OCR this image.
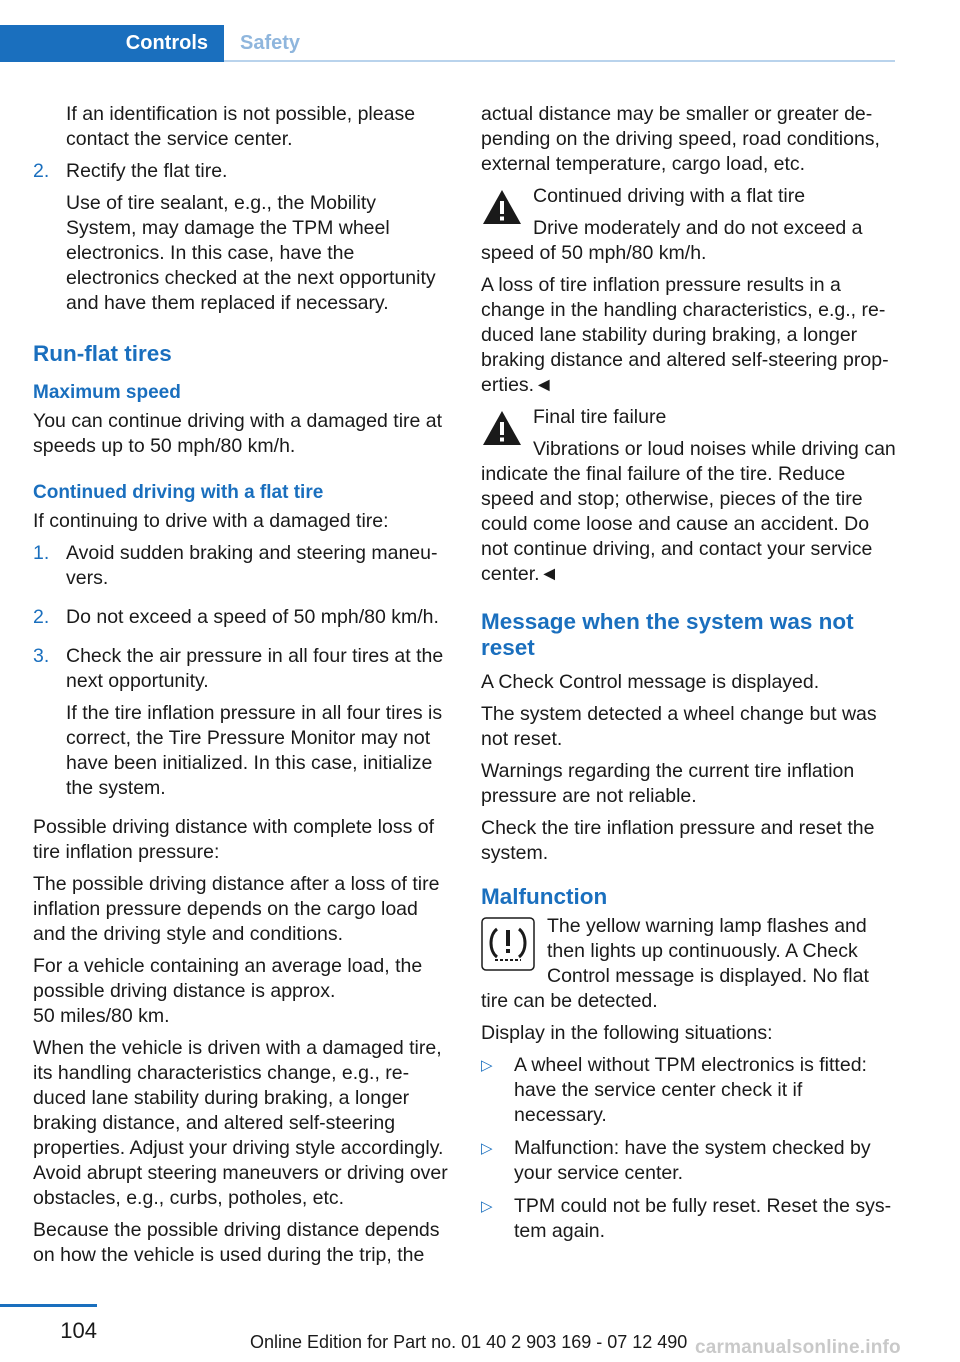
Controls	Safety

If an identification is not possible, please contact the service center.

2. Rectify the flat tire.

Use of tire sealant, e.g., the Mobility System, may damage the TPM wheel electronics. In this case, have the electronics checked at the next opportunity and have them replaced if necessary.

Run-flat tires
Maximum speed

You can continue driving with a damaged tire at speeds up to 50 mph/80 km/h.

Continued driving with a flat tire

If continuing to drive with a damaged tire:

1. Avoid sudden braking and steering maneuvers.

2. Do not exceed a speed of 50 mph/80 km/h.

3. Check the air pressure in all four tires at the next opportunity.

If the tire inflation pressure in all four tires is correct, the Tire Pressure Monitor may not have been initialized. In this case, initialize the system.

Possible driving distance with complete loss of tire inflation pressure:

The possible driving distance after a loss of tire inflation pressure depends on the cargo load and the driving style and conditions.

For a vehicle containing an average load, the possible driving distance is approx.

50 miles/80 km.

When the vehicle is driven with a damaged tire, its handling characteristics change, e.g., reduced lane stability during braking, a longer braking distance, and altered self-steering properties. Adjust your driving style accordingly. Avoid abrupt steering maneuvers or driving over obstacles, e.g., curbs, potholes, etc.

Because the possible driving distance depends on how the vehicle is used during the trip, the

actual distance may be smaller or greater depending on the driving speed, road conditions, external temperature, cargo load, etc.

Continued driving with a flat tire

Drive moderately and do not exceed a speed of 50 mph/80 km/h.

A loss of tire inflation pressure results in a change in the handling characteristics, e.g., reduced lane stability during braking, a longer braking distance and altered self-steering properties.◄

Final tire failure

Vibrations or loud noises while driving can indicate the final failure of the tire. Reduce speed and stop; otherwise, pieces of the tire could come loose and cause an accident. Do not continue driving, and contact your service center.◄

Message when the system was not reset

A Check Control message is displayed.

The system detected a wheel change but was not reset.

Warnings regarding the current tire inflation pressure are not reliable.

Check the tire inflation pressure and reset the system.

Malfunction

The yellow warning lamp flashes and then lights up continuously. A Check Control message is displayed. No flat tire can be detected.

Display in the following situations:

▷	A wheel without TPM electronics is fitted: have the service center check it if necessary.
▷	Malfunction: have the system checked by your service center.
▷	TPM could not be fully reset. Reset the system again.
104	Online Edition for Part no. 01 40 2 903 169 - 07 12 490 carmanualsonline.info
